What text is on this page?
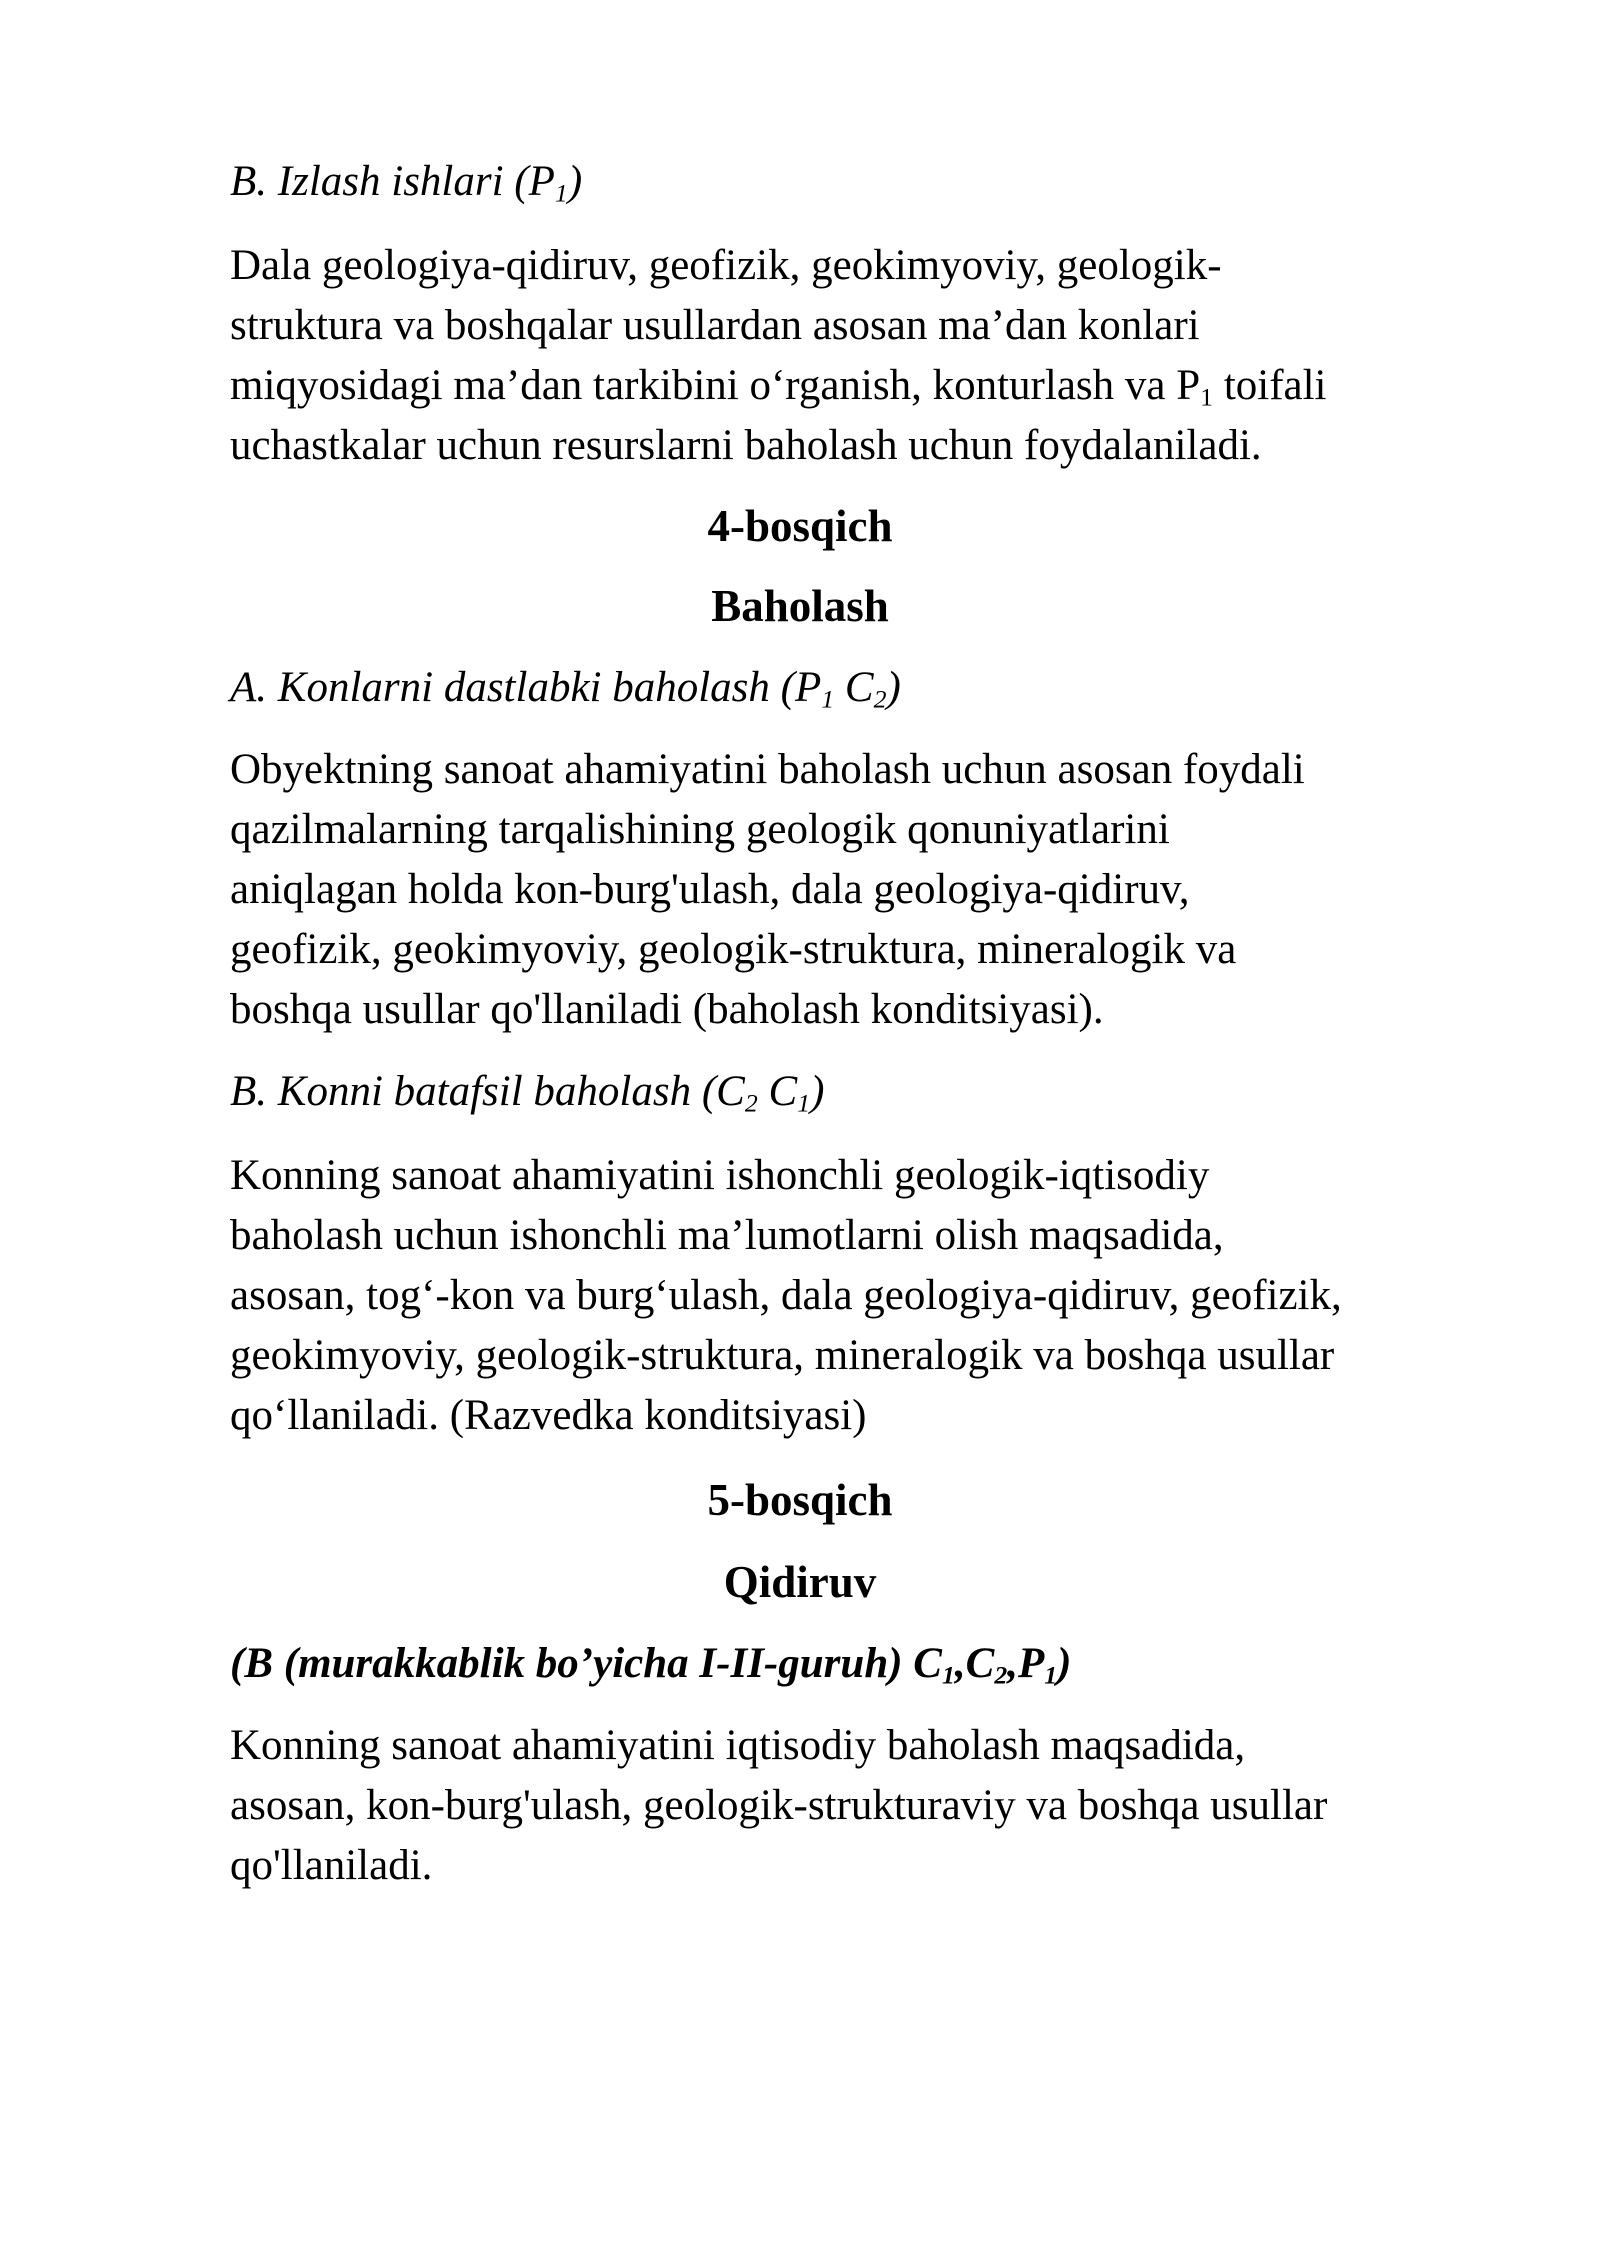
B. Izlash ishlari $(P_1)$

Dala geologiya-qidiruv, geofizik, geokimyoviy, geologik-
struktura va boshqalar usullardan asosan ma’dan konlari
miqyosidagi ma’dan tarkibini o‘rganish, konturlash va $P_1$ toifali
uchastkalar uchun resurslarni baholash uchun foydalaniladi.

4-bosqich

Baholash

A. Konlarni dastlabki baholash ($P_1$ $C_2$)

Obyektning sanoat ahamiyatini baholash uchun asosan foydali
qazilmalarning tarqalishining geologik qonuniyatlarini
aniqlagan holda kon-burg'ulash, dala geologiya-qidiruv,
geofizik, geokimyoviy, geologik-struktura, mineralogik va
boshqa usullar qo'llaniladi (baholash konditsiyasi).

B. Konni batafsil baholash ($C_2$ $C_1$)

Konning sanoat ahamiyatini ishonchli geologik-iqtisodiy
baholash uchun ishonchli ma’lumotlarni olish maqsadida,
asosan, tog‘-kon va burg‘ulash, dala geologiya-qidiruv, geofizik,
geokimyoviy, geologik-struktura, mineralogik va boshqa usullar
qo‘llaniladi. (Razvedka konditsiyasi)

5-bosqich

Qidiruv

(B (murakkablik bo’yicha I-II-guruh) $C_1,C_2,P_1$)

Konning sanoat ahamiyatini iqtisodiy baholash maqsadida,
asosan, kon-burg'ulash, geologik-strukturaviy va boshqa usullar
qo'llaniladi.
